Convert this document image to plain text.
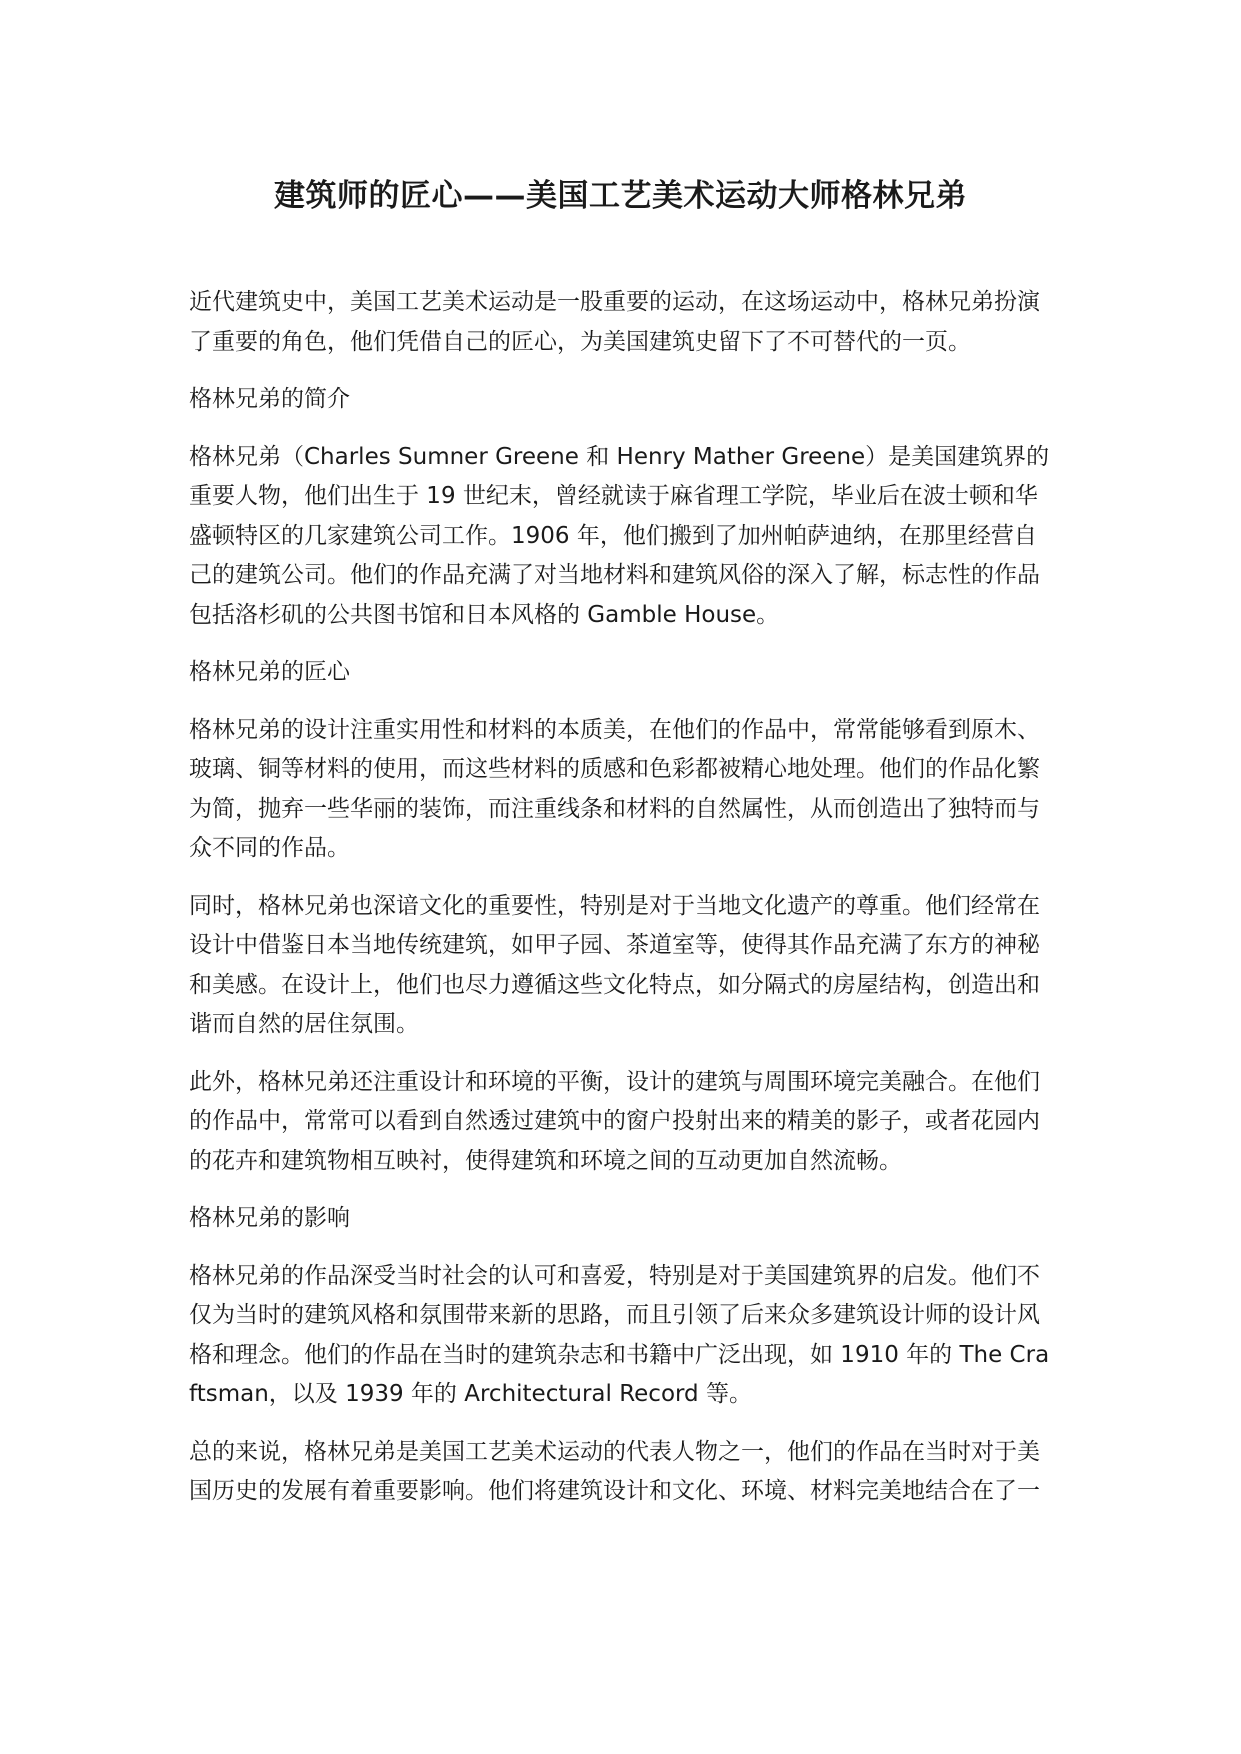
建筑师的匠心——美国工艺美术运动大师格林兄弟

近代建筑史中，美国工艺美术运动是一股重要的运动，在这场运动中，格林兄弟扮演了重要的角色，他们凭借自己的匠心，为美国建筑史留下了不可替代的一页。

格林兄弟的简介

格林兄弟（Charles Sumner Greene 和 Henry Mather Greene）是美国建筑界的重要人物，他们出生于 19 世纪末，曾经就读于麻省理工学院，毕业后在波士顿和华盛顿特区的几家建筑公司工作。1906 年，他们搬到了加州帕萨迪纳，在那里经营自己的建筑公司。他们的作品充满了对当地材料和建筑风俗的深入了解，标志性的作品包括洛杉矶的公共图书馆和日本风格的 Gamble House。

格林兄弟的匠心

格林兄弟的设计注重实用性和材料的本质美，在他们的作品中，常常能够看到原木、玻璃、铜等材料的使用，而这些材料的质感和色彩都被精心地处理。他们的作品化繁为简，抛弃一些华丽的装饰，而注重线条和材料的自然属性，从而创造出了独特而与众不同的作品。

同时，格林兄弟也深谙文化的重要性，特别是对于当地文化遗产的尊重。他们经常在设计中借鉴日本当地传统建筑，如甲子园、茶道室等，使得其作品充满了东方的神秘和美感。在设计上，他们也尽力遵循这些文化特点，如分隔式的房屋结构，创造出和谐而自然的居住氛围。

此外，格林兄弟还注重设计和环境的平衡，设计的建筑与周围环境完美融合。在他们的作品中，常常可以看到自然透过建筑中的窗户投射出来的精美的影子，或者花园内的花卉和建筑物相互映衬，使得建筑和环境之间的互动更加自然流畅。

格林兄弟的影响

格林兄弟的作品深受当时社会的认可和喜爱，特别是对于美国建筑界的启发。他们不仅为当时的建筑风格和氛围带来新的思路，而且引领了后来众多建筑设计师的设计风格和理念。他们的作品在当时的建筑杂志和书籍中广泛出现，如 1910 年的 The Craftsman，以及 1939 年的 Architectural Record 等。

总的来说，格林兄弟是美国工艺美术运动的代表人物之一，他们的作品在当时对于美国历史的发展有着重要影响。他们将建筑设计和文化、环境、材料完美地结合在了一
